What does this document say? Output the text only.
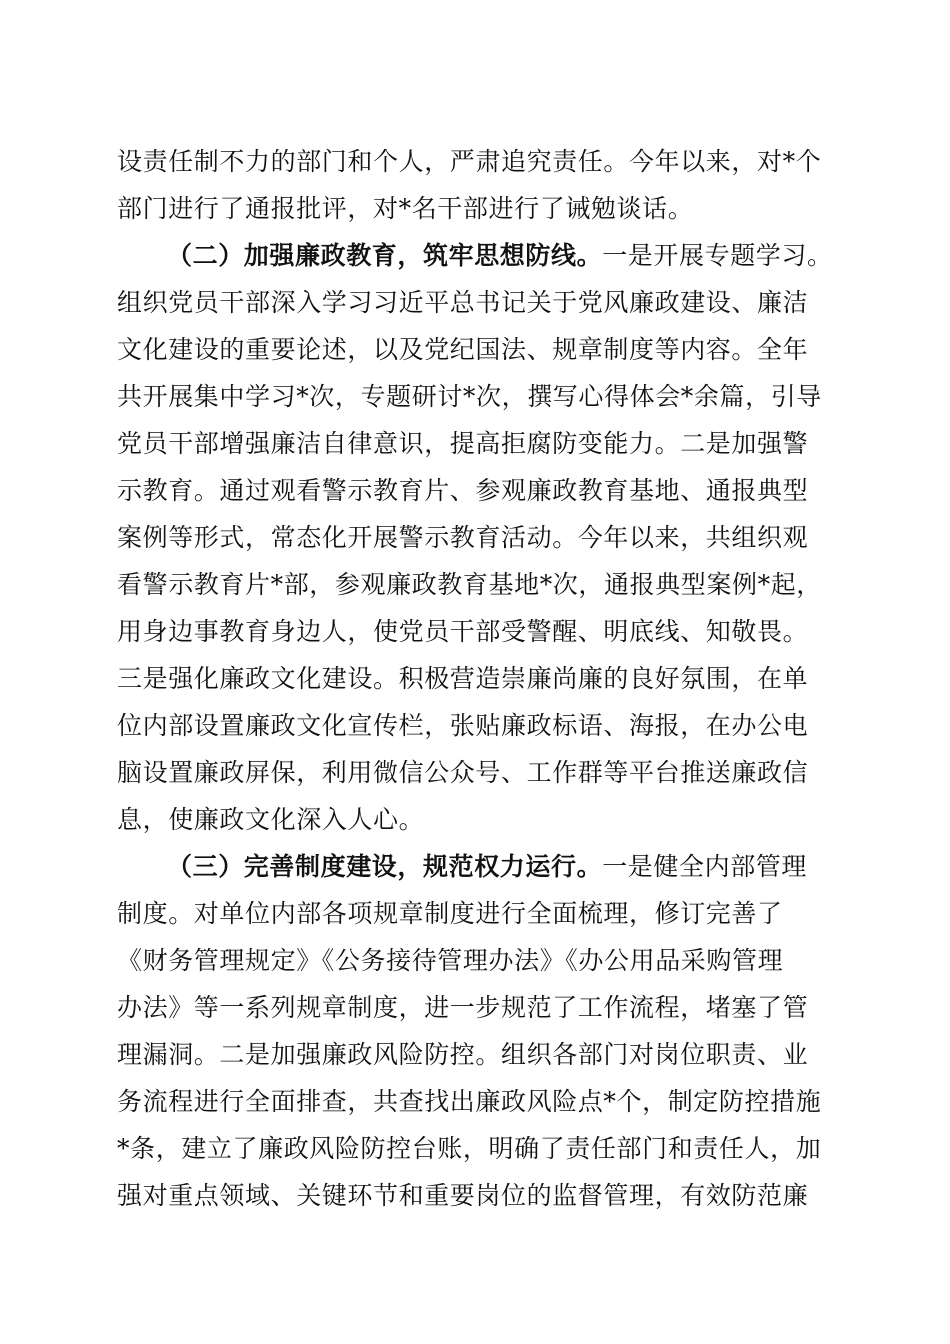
设责任制不力的部门和个人，严肃追究责任。今年以来，对*个
部门进行了通报批评，对*名干部进行了诫勉谈话。
（二）加强廉政教育，筑牢思想防线。一是开展专题学习。
组织党员干部深入学习习近平总书记关于党风廉政建设、廉洁
文化建设的重要论述，以及党纪国法、规章制度等内容。全年
共开展集中学习*次，专题研讨*次，撰写心得体会*余篇，引导
党员干部增强廉洁自律意识，提高拒腐防变能力。二是加强警
示教育。通过观看警示教育片、参观廉政教育基地、通报典型
案例等形式，常态化开展警示教育活动。今年以来，共组织观
看警示教育片*部，参观廉政教育基地*次，通报典型案例*起，
用身边事教育身边人，使党员干部受警醒、明底线、知敬畏。
三是强化廉政文化建设。积极营造崇廉尚廉的良好氛围，在单
位内部设置廉政文化宣传栏，张贴廉政标语、海报，在办公电
脑设置廉政屏保，利用微信公众号、工作群等平台推送廉政信
息，使廉政文化深入人心。
（三）完善制度建设，规范权力运行。一是健全内部管理
制度。对单位内部各项规章制度进行全面梳理，修订完善了
《财务管理规定》《公务接待管理办法》《办公用品采购管理
办法》等一系列规章制度，进一步规范了工作流程，堵塞了管
理漏洞。二是加强廉政风险防控。组织各部门对岗位职责、业
务流程进行全面排查，共查找出廉政风险点*个，制定防控措施
*条，建立了廉政风险防控台账，明确了责任部门和责任人，加
强对重点领域、关键环节和重要岗位的监督管理，有效防范廉
